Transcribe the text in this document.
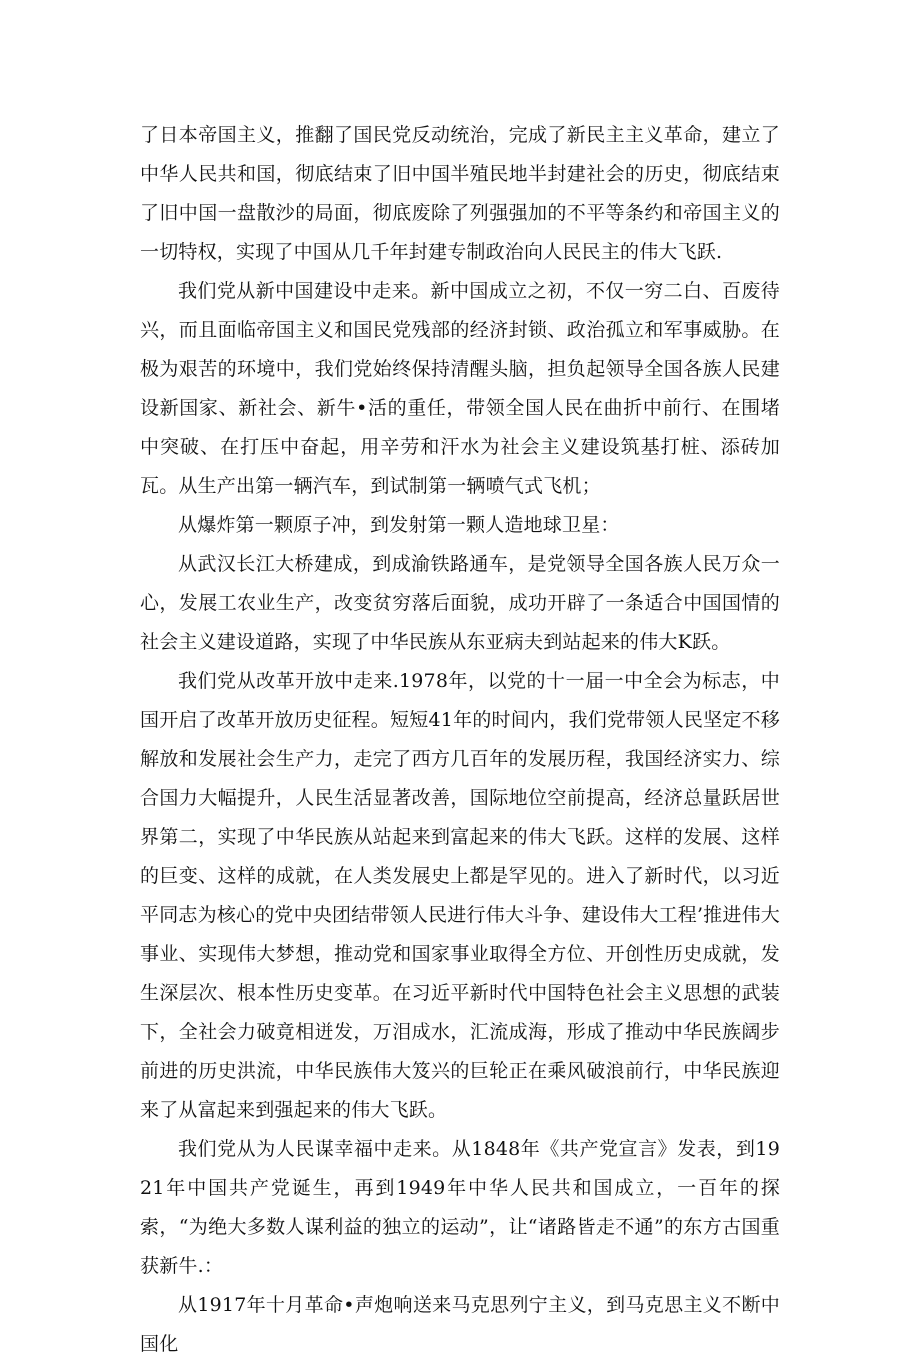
了日本帝国主义，推翻了国民党反动统治，完成了新民主主义革命，建立了中华人民共和国，彻底结束了旧中国半殖民地半封建社会的历史，彻底结束了旧中国一盘散沙的局面，彻底废除了列强强加的不平等条约和帝国主义的一切特权，实现了中国从几千年封建专制政治向人民民主的伟大飞跃.

我们党从新中国建设中走来。新中国成立之初，不仅一穷二白、百废待兴，而且面临帝国主义和国民党残部的经济封锁、政治孤立和军事威胁。在极为艰苦的环境中，我们党始终保持清醒头脑，担负起领导全国各族人民建设新国家、新社会、新牛•活的重任，带领全国人民在曲折中前行、在围堵中突破、在打压中奋起，用辛劳和汗水为社会主义建设筑基打桩、添砖加瓦。从生产出第一辆汽车，到试制第一辆喷气式飞机；

从爆炸第一颗原子冲，到发射第一颗人造地球卫星：

从武汉长江大桥建成，到成渝铁路通车，是党领导全国各族人民万众一心，发展工农业生产，改变贫穷落后面貌，成功开辟了一条适合中国国情的社会主义建设道路，实现了中华民族从东亚病夫到站起来的伟大K跃。

我们党从改革开放中走来.1978年，以党的十一届一中全会为标志，中国开启了改革开放历史征程。短短41年的时间内，我们党带领人民坚定不移解放和发展社会生产力，走完了西方几百年的发展历程，我国经济实力、综合国力大幅提升，人民生活显著改善，国际地位空前提高，经济总量跃居世界第二，实现了中华民族从站起来到富起来的伟大飞跃。这样的发展、这样的巨变、这样的成就，在人类发展史上都是罕见的。进入了新时代，以习近平同志为核心的党中央团结带领人民进行伟大斗争、建设伟大工程’推进伟大事业、实现伟大梦想，推动党和国家事业取得全方位、开创性历史成就，发生深层次、根本性历史变革。在习近平新时代中国特色社会主义思想的武装下，全社会力破竟相迸发，万泪成水，汇流成海，形成了推动中华民族阔步前进的历史洪流，中华民族伟大笈兴的巨轮正在乘风破浪前行，中华民族迎来了从富起来到强起来的伟大飞跃。

我们党从为人民谋幸福中走来。从1848年《共产党宣言》发表，到1921年中国共产党诞生，再到1949年中华人民共和国成立，一百年的探索，“为绝大多数人谋利益的独立的运动”，让“诸路皆走不通”的东方古国重获新牛.：

从1917年十月革命•声炮响送来马克思列宁主义，到马克思主义不断中国化
